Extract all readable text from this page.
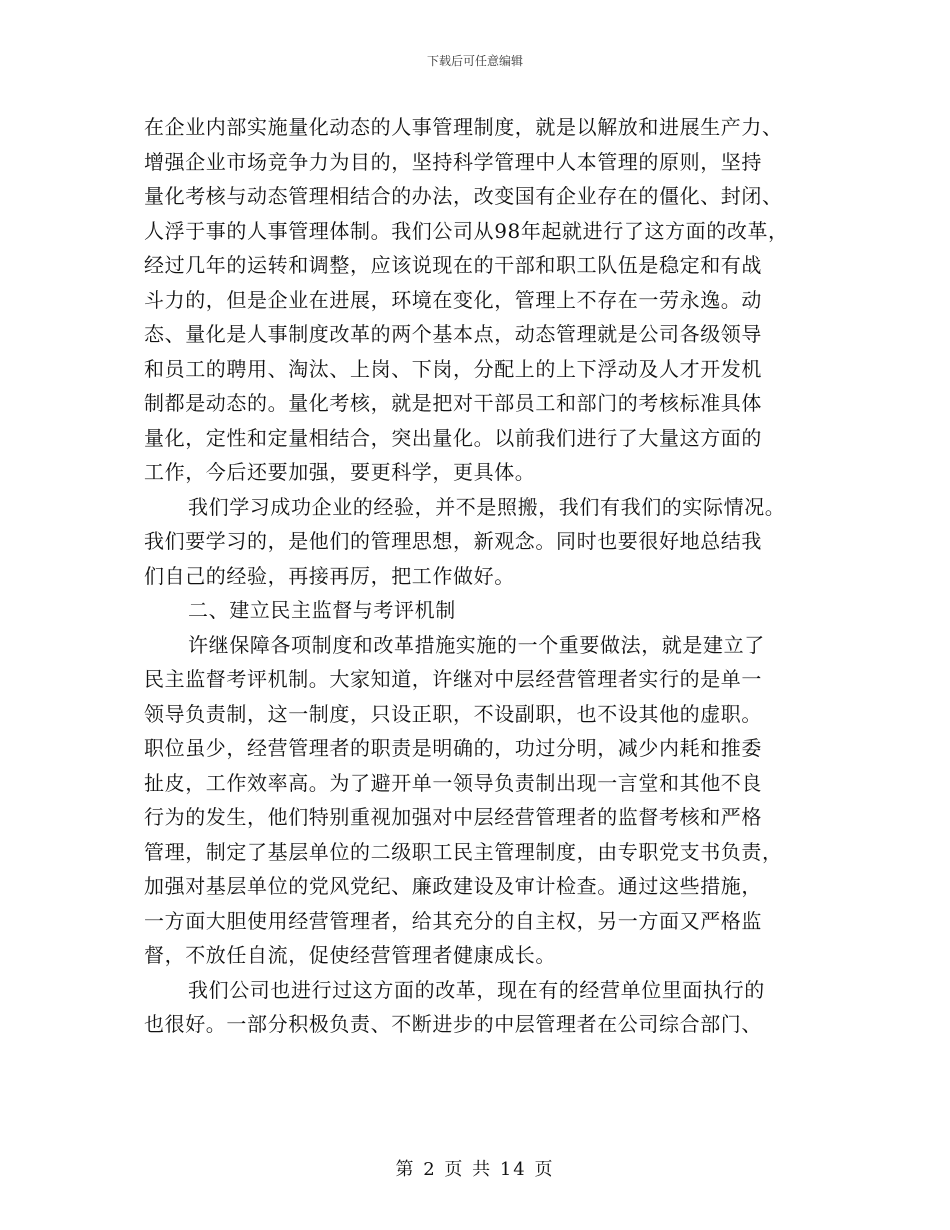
下载后可任意编辑
在企业内部实施量化动态的人事管理制度，就是以解放和进展生产力、
增强企业市场竞争力为目的，坚持科学管理中人本管理的原则，坚持
量化考核与动态管理相结合的办法，改变国有企业存在的僵化、封闭、
人浮于事的人事管理体制。我们公司从98年起就进行了这方面的改革，
经过几年的运转和调整，应该说现在的干部和职工队伍是稳定和有战
斗力的，但是企业在进展，环境在变化，管理上不存在一劳永逸。动
态、量化是人事制度改革的两个基本点，动态管理就是公司各级领导
和员工的聘用、淘汰、上岗、下岗，分配上的上下浮动及人才开发机
制都是动态的。量化考核，就是把对干部员工和部门的考核标准具体
量化，定性和定量相结合，突出量化。以前我们进行了大量这方面的
工作，今后还要加强，要更科学，更具体。
我们学习成功企业的经验，并不是照搬，我们有我们的实际情况。
我们要学习的，是他们的管理思想，新观念。同时也要很好地总结我
们自己的经验，再接再厉，把工作做好。
二、建立民主监督与考评机制
许继保障各项制度和改革措施实施的一个重要做法，就是建立了
民主监督考评机制。大家知道，许继对中层经营管理者实行的是单一
领导负责制，这一制度，只设正职，不设副职，也不设其他的虚职。
职位虽少，经营管理者的职责是明确的，功过分明，减少内耗和推委
扯皮，工作效率高。为了避开单一领导负责制出现一言堂和其他不良
行为的发生，他们特别重视加强对中层经营管理者的监督考核和严格
管理，制定了基层单位的二级职工民主管理制度，由专职党支书负责，
加强对基层单位的党风党纪、廉政建设及审计检查。通过这些措施，
一方面大胆使用经营管理者，给其充分的自主权，另一方面又严格监
督，不放任自流，促使经营管理者健康成长。
我们公司也进行过这方面的改革，现在有的经营单位里面执行的
也很好。一部分积极负责、不断进步的中层管理者在公司综合部门、
第 2 页 共 14 页
